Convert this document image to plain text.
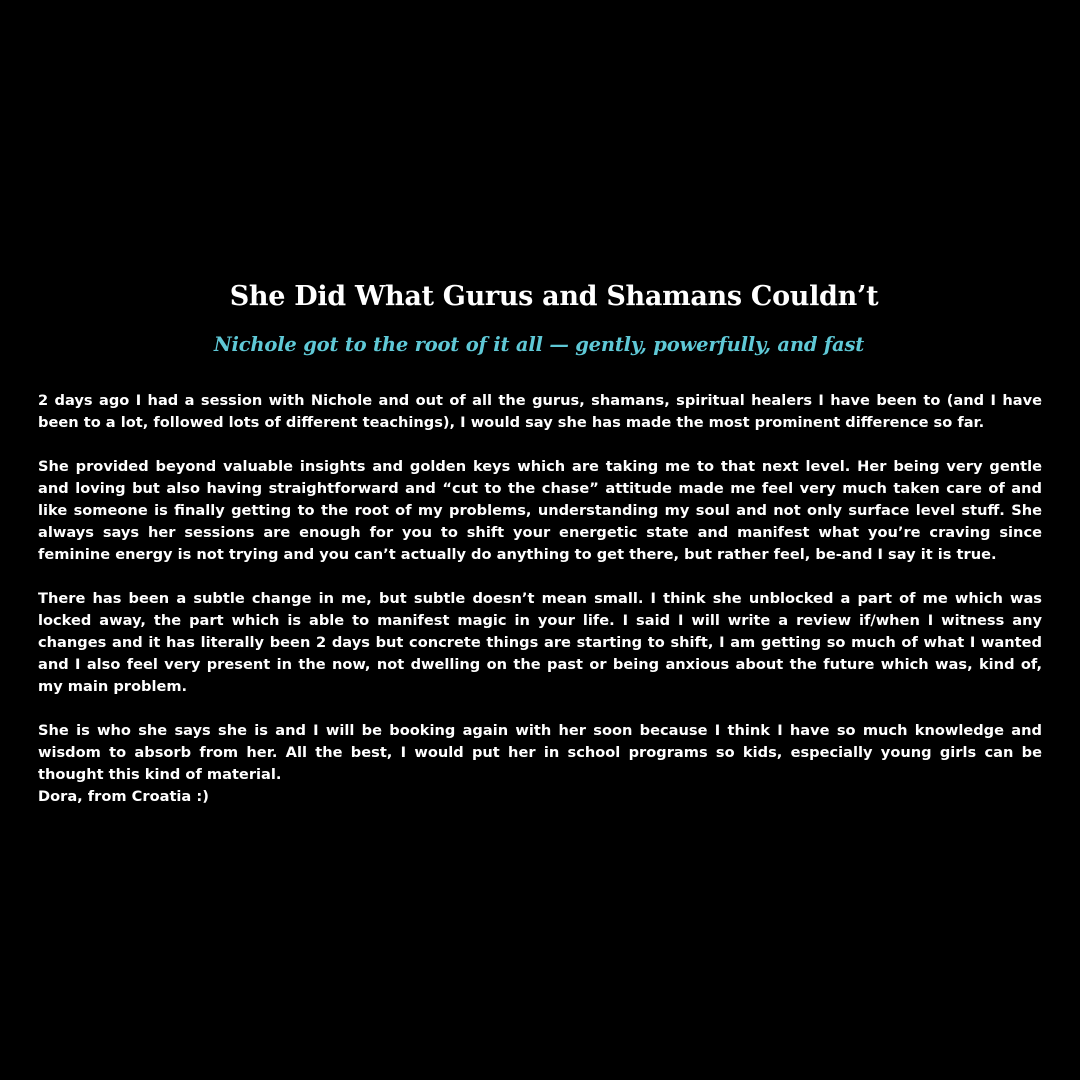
She Did What Gurus and Shamans Couldn’t
Nichole got to the root of it all — gently, powerfully, and fast

2 days ago I had a session with Nichole and out of all the gurus, shamans, spiritual healers I have been to (and I have been to a lot, followed lots of different teachings), I would say she has made the most prominent difference so far.

She provided beyond valuable insights and golden keys which are taking me to that next level. Her being very gentle and loving but also having straightforward and “cut to the chase” attitude made me feel very much taken care of and like someone is finally getting to the root of my problems, understanding my soul and not only surface level stuff. She always says her sessions are enough for you to shift your energetic state and manifest what you’re craving since feminine energy is not trying and you can’t actually do anything to get there, but rather feel, be-and I say it is true.

There has been a subtle change in me, but subtle doesn’t mean small. I think she unblocked a part of me which was locked away, the part which is able to manifest magic in your life. I said I will write a review if/when I witness any changes and it has literally been 2 days but concrete things are starting to shift, I am getting so much of what I wanted and I also feel very present in the now, not dwelling on the past or being anxious about the future which was, kind of, my main problem.

She is who she says she is and I will be booking again with her soon because I think I have so much knowledge and wisdom to absorb from her. All the best, I would put her in school programs so kids, especially young girls can be thought this kind of material.

Dora, from Croatia :)
